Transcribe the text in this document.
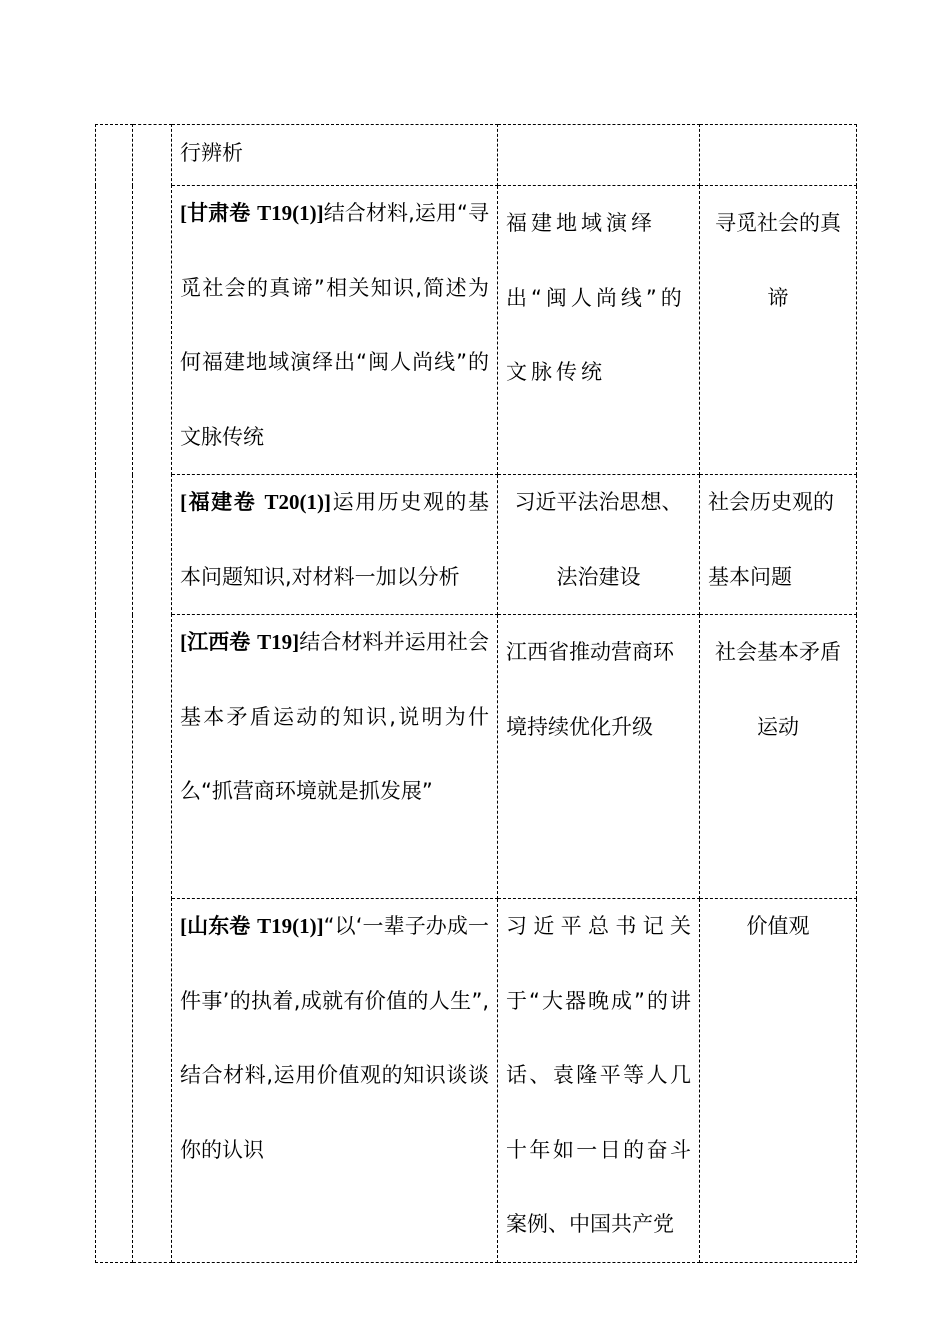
		行辨析		

		[甘肃卷 T19(1)]结合材料,运用“寻觅社会的真谛”相关知识,简述为何福建地域演绎出“闽人尚线”的文脉传统	福建地域演绎出“闽人尚线”的文脉传统	寻觅社会的真谛

		[福建卷 T20(1)]运用历史观的基本问题知识,对材料一加以分析	习近平法治思想、法治建设	社会历史观的基本问题

		[江西卷 T19]结合材料并运用社会基本矛盾运动的知识,说明为什么“抓营商环境就是抓发展”	江西省推动营商环境持续优化升级	社会基本矛盾运动

		[山东卷 T19(1)]“以‘一辈子办成一件事’的执着,成就有价值的人生”,结合材料,运用价值观的知识谈谈你的认识	习近平总书记关于“大器晚成”的讲话、袁隆平等人几十年如一日的奋斗案例、中国共产党	价值观
